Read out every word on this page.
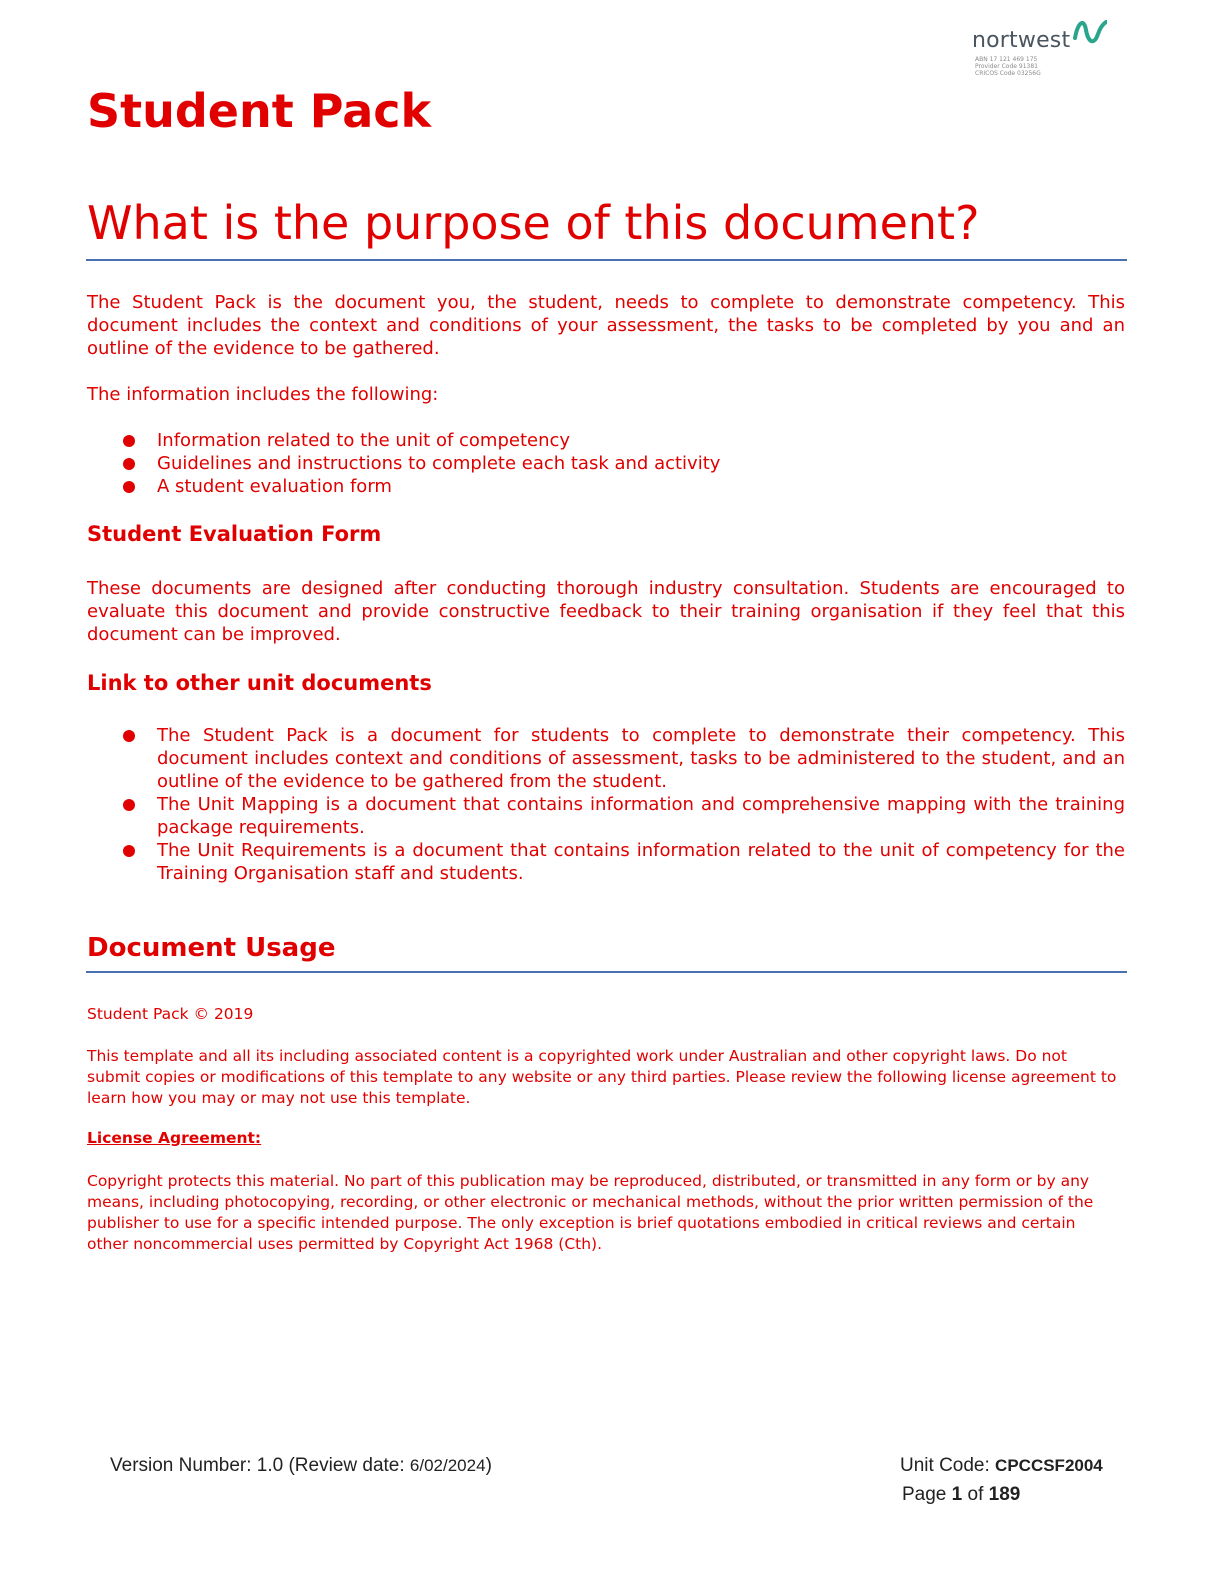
nortwest
ABN 17 121 469 175
Provider Code 91381
CRICOS Code 03256G
Student Pack
What is the purpose of this document?

The Student Pack is the document you, the student, needs to complete to demonstrate competency. This document includes the context and conditions of your assessment, the tasks to be completed by you and an outline of the evidence to be gathered.

The information includes the following:

Information related to the unit of competency
Guidelines and instructions to complete each task and activity
A student evaluation form
Student Evaluation Form

These documents are designed after conducting thorough industry consultation. Students are encouraged to evaluate this document and provide constructive feedback to their training organisation if they feel that this document can be improved.

Link to other unit documents
The Student Pack is a document for students to complete to demonstrate their competency. This document includes context and conditions of assessment, tasks to be administered to the student, and an outline of the evidence to be gathered from the student.
The Unit Mapping is a document that contains information and comprehensive mapping with the training package requirements.
The Unit Requirements is a document that contains information related to the unit of competency for the Training Organisation staff and students.
Document Usage

Student Pack © 2019

This template and all its including associated content is a copyrighted work under Australian and other copyright laws. Do not submit copies or modifications of this template to any website or any third parties. Please review the following license agreement to learn how you may or may not use this template.

License Agreement:

Copyright protects this material. No part of this publication may be reproduced, distributed, or transmitted in any form or by any means, including photocopying, recording, or other electronic or mechanical methods, without the prior written permission of the publisher to use for a specific intended purpose. The only exception is brief quotations embodied in critical reviews and certain other noncommercial uses permitted by Copyright Act 1968 (Cth).

Version Number: 1.0 (Review date: 6/02/2024)	Unit Code: CPCCSF2004
Page 1 of 189
